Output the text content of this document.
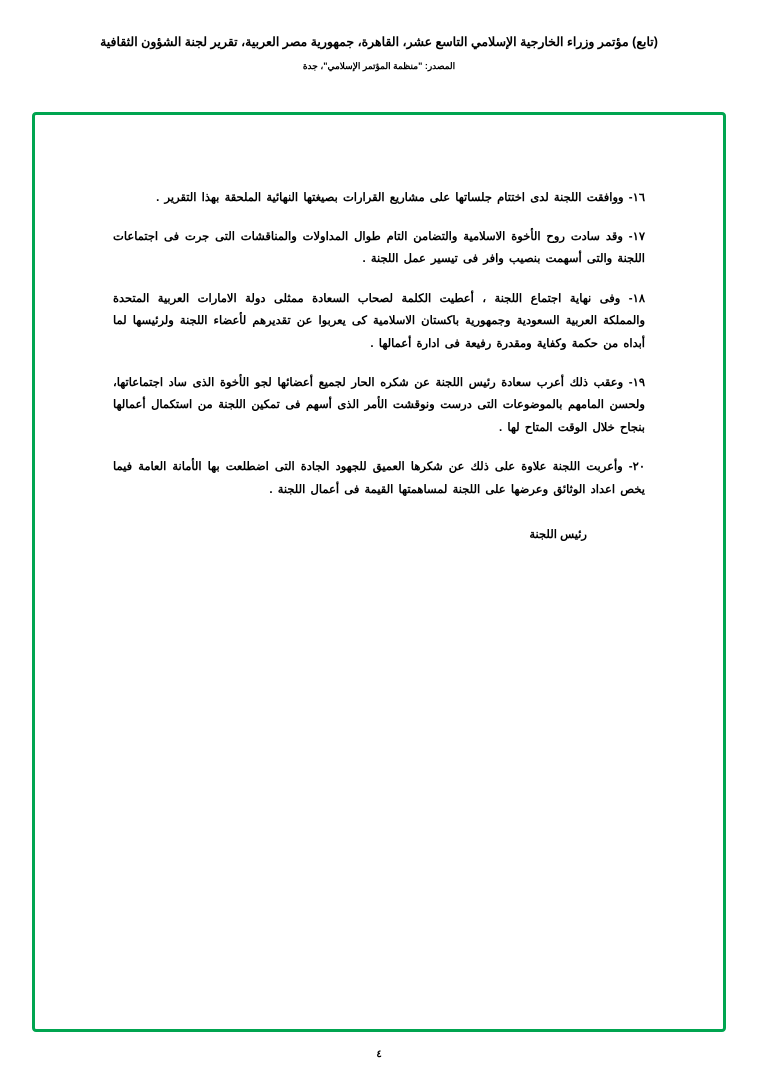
(تابع) مؤتمر وزراء الخارجية الإسلامي التاسع عشر، القاهرة، جمهورية مصر العربية، تقرير لجنة الشؤون الثقافية
المصدر: "منظمة المؤتمر الإسلامي"، جدة

١٦- ووافقت اللجنة لدى اختتام جلساتها على مشاريع القرارات بصيغتها النهائية الملحقة بهذا التقرير .

١٧- وقد سادت روح الأخوة الاسلامية والتضامن التام طوال المداولات والمناقشات التى جرت فى اجتماعات اللجنة والتى أسهمت بنصيب وافر فى تيسير عمل اللجنة .

١٨- وفى نهاية اجتماع اللجنة ، أعطيت الكلمة لصحاب السعادة ممثلى دولة الامارات العربية المتحدة والمملكة العربية السعودية وجمهورية باكستان الاسلامية كى يعربوا عن تقديرهم لأعضاء اللجنة ولرئيسها لما أبداه من حكمة وكفاية ومقدرة رفيعة فى ادارة أعمالها .

١٩- وعقب ذلك أعرب سعادة رئيس اللجنة عن شكره الحار لجميع أعضائها لجو الأخوة الذى ساد اجتماعاتها، ولحسن المامهم بالموضوعات التى درست ونوقشت الأمر الذى أسهم فى تمكين اللجنة من استكمال أعمالها بنجاح خلال الوقت المتاح لها .

٢٠- وأعربت اللجنة علاوة على ذلك عن شكرها العميق للجهود الجادة التى اضطلعت بها الأمانة العامة فيما يخص اعداد الوثائق وعرضها على اللجنة لمساهمتها القيمة فى أعمال اللجنة .

رئيس اللجنة
٤
